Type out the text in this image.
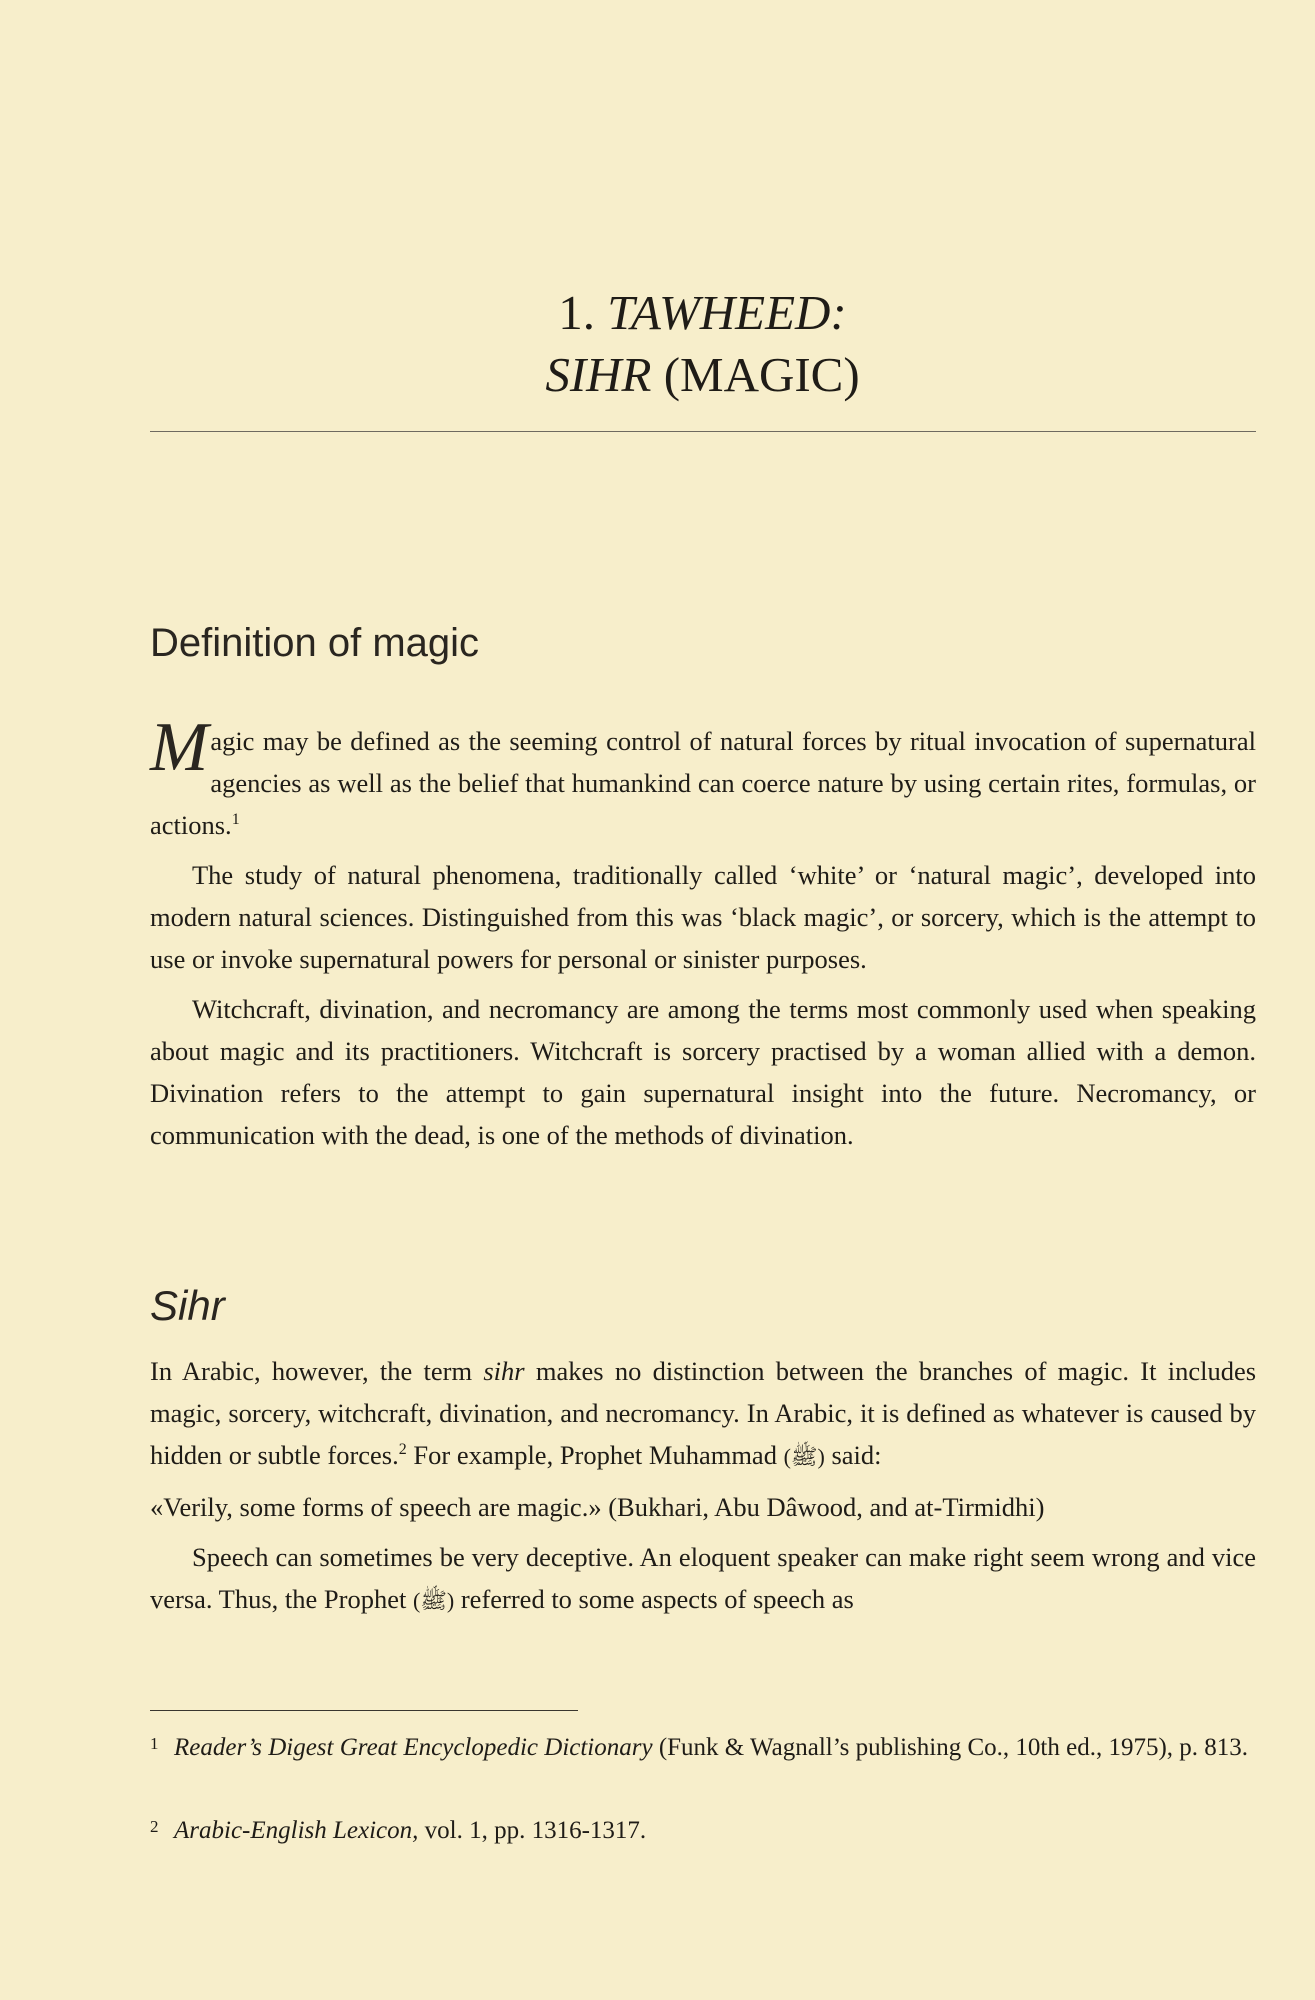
1. TAWHEED:
SIHR (MAGIC)
Definition of magic

Magic may be defined as the seeming control of natural forces by ritual invocation of supernatural agencies as well as the belief that humankind can coerce nature by using certain rites, formulas, or actions.$^1$

The study of natural phenomena, traditionally called ‘white’ or ‘natural magic’, developed into modern natural sciences. Distinguished from this was ‘black magic’, or sorcery, which is the attempt to use or invoke supernatural powers for personal or sinister purposes.

Witchcraft, divination, and necromancy are among the terms most commonly used when speaking about magic and its practitioners. Witchcraft is sorcery practised by a woman allied with a demon. Divination refers to the attempt to gain supernatural insight into the future. Necromancy, or communication with the dead, is one of the methods of divination.

Sihr

In Arabic, however, the term sihr makes no distinction between the branches of magic. It includes magic, sorcery, witchcraft, divination, and necromancy. In Arabic, it is defined as whatever is caused by hidden or subtle forces.$^2$ For example, Prophet Muhammad (ﷺ) said:

«Verily, some forms of speech are magic.» (Bukhari, Abu Dâwood, and at-Tirmidhi)

Speech can sometimes be very deceptive. An eloquent speaker can make right seem wrong and vice versa. Thus, the Prophet (ﷺ) referred to some aspects of speech as

1 Reader’s Digest Great Encyclopedic Dictionary (Funk & Wagnall’s publishing Co., 10th ed., 1975), p. 813.
2 Arabic-English Lexicon, vol. 1, pp. 1316-1317.
